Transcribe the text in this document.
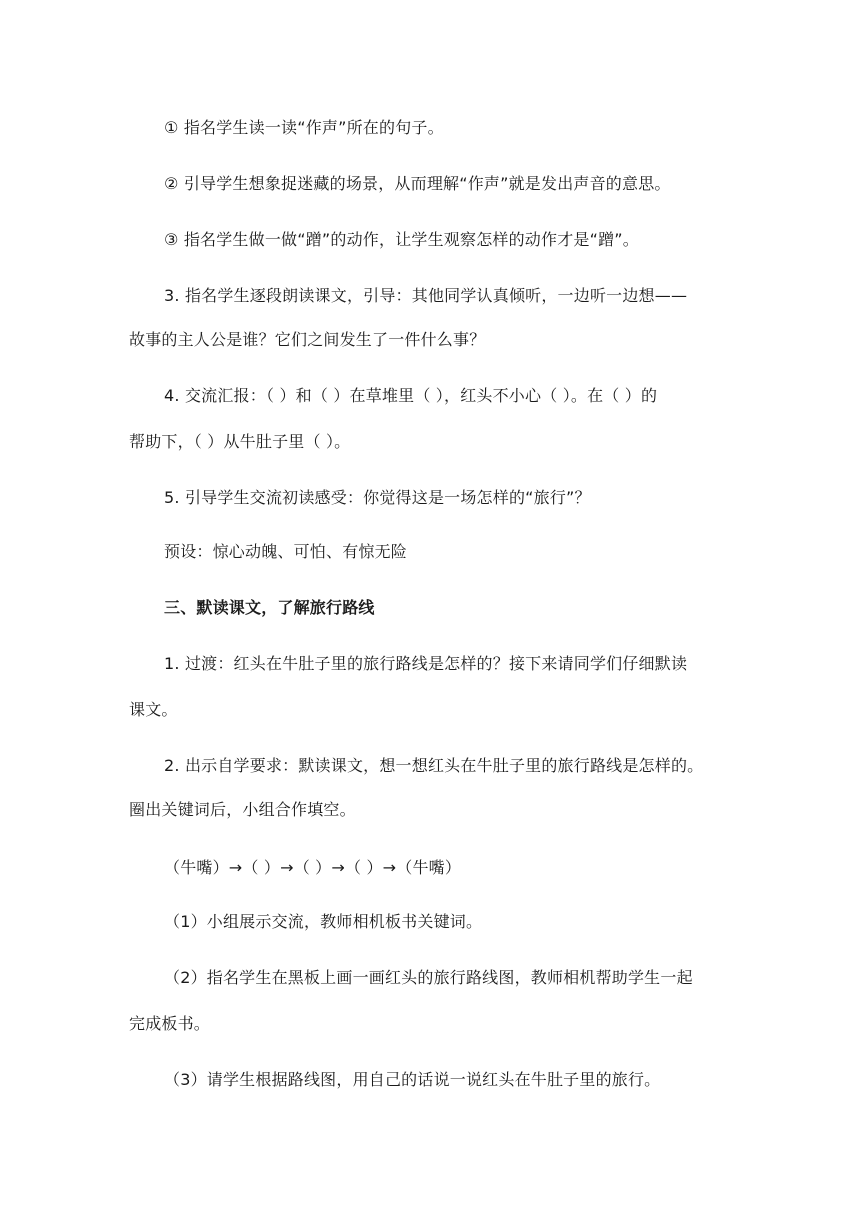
① 指名学生读一读“作声”所在的句子。
② 引导学生想象捉迷藏的场景，从而理解“作声”就是发出声音的意思。
③ 指名学生做一做“蹭”的动作，让学生观察怎样的动作才是“蹭”。
3. 指名学生逐段朗读课文，引导：其他同学认真倾听，一边听一边想——
故事的主人公是谁？它们之间发生了一件什么事？
4. 交流汇报：（ ）和（ ）在草堆里（ ），红头不小心（ ）。在（ ）的
帮助下，（ ）从牛肚子里（ ）。
5. 引导学生交流初读感受：你觉得这是一场怎样的“旅行”？
预设：惊心动魄、可怕、有惊无险
三、默读课文，了解旅行路线
1. 过渡：红头在牛肚子里的旅行路线是怎样的？接下来请同学们仔细默读
课文。
2. 出示自学要求：默读课文，想一想红头在牛肚子里的旅行路线是怎样的。
圈出关键词后，小组合作填空。
（牛嘴）→（ ）→（ ）→（ ）→（牛嘴）
（1）小组展示交流，教师相机板书关键词。
（2）指名学生在黑板上画一画红头的旅行路线图，教师相机帮助学生一起
完成板书。
（3）请学生根据路线图，用自己的话说一说红头在牛肚子里的旅行。
